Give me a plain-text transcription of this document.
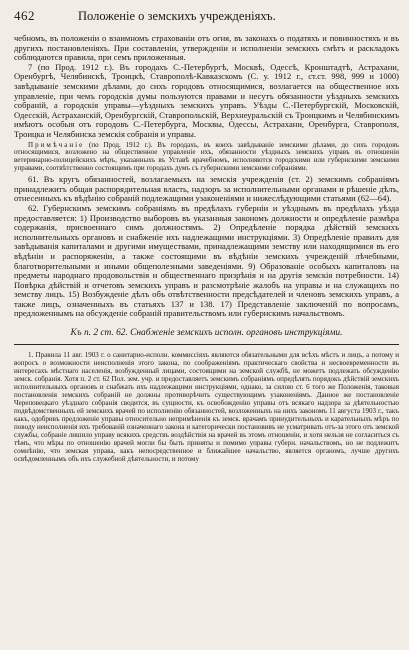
462	Положеніе о земскихъ учрежденіяхъ.

чебномъ, въ положеніи о взаимномъ страхованіи отъ огня, въ законахъ о податяхъ и повинностяхъ и въ другихъ постановленіяхъ. При составленіи, утвержденіи и исполненіи земскихъ смѣтъ и раскладокъ соблюдаются правила, при семъ приложенныя.

7 (по Прод. 1912 г.). Въ городахъ С.-Петербургѣ, Москвѣ, Одессѣ, Кронштадтѣ, Астрахани, Оренбургѣ, Челябинскѣ, Троицкѣ, Ставрополѣ-Кавказскомъ (С. у. 1912 г., ст.ст. 998, 999 и 1000) завѣдываніе земскими дѣлами, до сихъ городовъ относящимися, возлагается на общественное ихъ управленіе, при чемъ городскія думы пользуются правами и несутъ обязанности уѣздныхъ земскихъ собраній, а городскія управы—уѣздныхъ земскихъ управъ. Уѣзды С.-Петербургскій, Московскій, Одесскій, Астраханскій, Оренбургскій, Ставропольскій, Верхнеуральскій съ Троицкимъ и Челябинскимъ имѣютъ особыя отъ городовъ С.-Петербурга, Москвы, Одессы, Астрахани, Оренбурга, Ставрополя, Троицка и Челябинска земскія собранія и управы.

Примѣчаніе (по Прод. 1912 г.). Въ городахъ, въ коихъ завѣдываніе земскими дѣлами, до сихъ городовъ относящимися, возложено на общественное управленіе ихъ, обязанности уѣздныхъ земскихъ управъ въ отношеніи ветеринарно-полицейскихъ мѣръ, указанныхъ въ Уставѣ врачебномъ, исполняются городскими или губернскими земскими управами, соотвѣтственно состоящимъ при городахъ думъ съ губернскими земскими собраніями.

61. Въ кругъ обязанностей, возлагаемыхъ на земскія учрежденія (ст. 2) земскимъ собраніямъ принадлежитъ общая распорядительная власть, надзоръ за исполнительными органами и рѣшеніе дѣлъ, отнесенныхъ къ вѣдѣнію собраній подлежащими узаконеніями и нижеслѣдующими статьями (62—64).

62. Губернскимъ земскимъ собраніямъ въ предѣлахъ губерніи и уѣзднымъ въ предѣлахъ уѣзда предоставляется: 1) Производство выборовъ въ указанныя закономъ должности и опредѣленіе размѣра содержанія, присвоеннаго симъ должностямъ. 2) Опредѣленіе порядка дѣйствій земскихъ исполнительныхъ органовъ и снабженіе ихъ надлежащими инструкціями. 3) Опредѣленіе правилъ для завѣдыванія капиталами и другими имуществами, принадлежащими земству или находящимися въ его вѣдѣніи и распоряженіи, а также состоящими въ вѣдѣніи земскихъ учрежденій лѣчебными, благотворительными и иными общеполезными заведеніями. 9) Образованіе особыхъ капиталовъ на предметы народнаго продовольствія и общественнаго призрѣнія и на другія земскія потребности. 14) Повѣрка дѣйствій и отчетовъ земскихъ управъ и разсмотрѣніе жалобъ на управы и на служащихъ по земству лицъ. 15) Возбужденіе дѣлъ объ отвѣтственности предсѣдателей и членовъ земскихъ управъ, а также лицъ, означенныхъ въ статьяхъ 137 и 138. 17) Представленіе заключеній по вопросамъ, предложеннымъ на обсужденіе собраній правительствомъ или губернскимъ начальствомъ.

Къ п. 2 ст. 62. Снабженіе земскихъ исполн. органовъ инструкціями.

1. Правила 11 авг. 1903 г. о санитарно-исполн. коммиссіяхъ являются обязательными для всѣхъ мѣстъ и лицъ, а потому и вопросъ о возможности неисполненія этого закона, по соображеніямъ практическаго свойства и несвоевременности въ интересахъ мѣстнаго населенія, возбужденный лицами, состоящими на земской службѣ, не можетъ подлежать обсужденію земск. собранія. Хотя п. 2 ст. 62 Пол. зем. учр. и предоставляетъ земскимъ собраніямъ опредѣлять порядокъ дѣйствій земскихъ исполнительныхъ органовъ и снабжать ихъ надлежащими инструкціями, однако, за силою ст. 6 того же Положенія, таковыя постановленія земскихъ собраній не должны противорѣчить существующимъ узаконеніямъ. Данное же постановленіе Череповецкаго уѣзднаго собранія сводится, въ сущности, къ освобожденію управы отъ всякаго надзора за дѣятельностью подвѣдомственныхъ ей земскихъ врачей по исполненію обязанностей, возложенныхъ на нихъ закономъ 11 августа 1903 г., такъ какъ, одобривъ предложеніе управы относительно непримѣненія къ земск. врачамъ принудительныхъ и карательныхъ мѣръ по поводу неисполненія ихъ требованій означеннаго закона и категорически постановивъ не усматривать отъ-за этого отъ земской службы, собраніе лишило управу всякихъ средствъ воздѣйствія на врачей въ этомъ отношеніи, и хотя нельзя не согласиться съ тѣмъ, что мѣры по отношенію врачей могли бы быть приняты и помимо управы губерн. начальствомъ, но не подлежитъ сомнѣнію, что земская управа, какъ непосредственное и ближайшее начальство, является органомъ, лучше другихъ освѣдомленнымъ объ ихъ служебной дѣятельности, и потому
